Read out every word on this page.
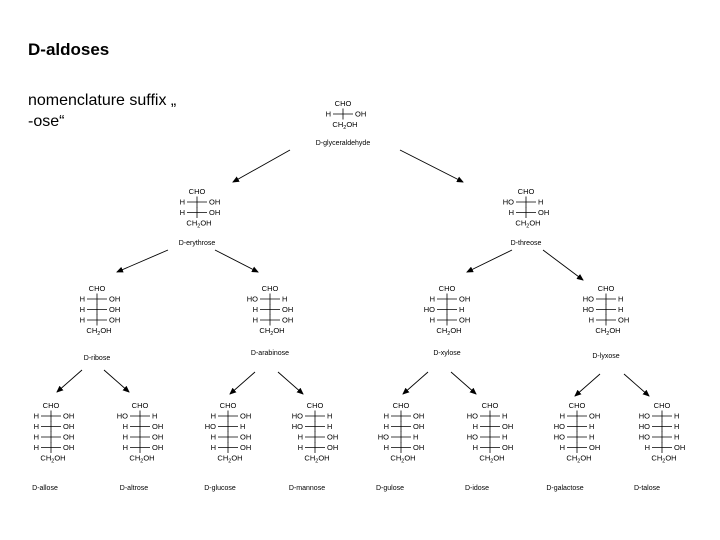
D-aldoses
nomenclature suffix „
-ose“
CHO
H	OH
$CH_2OH$
D-glyceraldehyde
CHO
H	OH
H	OH
$CH_2OH$
D-erythrose
CHO
HO	H
H	OH
$CH_2OH$
D-threose
CHO
H	OH
H	OH
H	OH
$CH_2OH$
D-ribose
CHO
HO	H
H	OH
H	OH
$CH_2OH$
D-arabinose
CHO
H	OH
HO	H
H	OH
$CH_2OH$
D-xylose
CHO
HO	H
HO	H
H	OH
$CH_2OH$
D-lyxose
CHO
H	OH
H	OH
H	OH
H	OH
$CH_2OH$
D-allose
CHO
HO	H
H	OH
H	OH
H	OH
$CH_2OH$
D-altrose
CHO
H	OH
HO	H
H	OH
H	OH
$CH_2OH$
D-glucose
CHO
HO	H
HO	H
H	OH
H	OH
$CH_2OH$
D-mannose
CHO
H	OH
H	OH
HO	H
H	OH
$CH_2OH$
D-gulose
CHO
HO	H
H	OH
HO	H
H	OH
$CH_2OH$
D-idose
CHO
H	OH
HO	H
HO	H
H	OH
$CH_2OH$
D-galactose
CHO
HO	H
HO	H
HO	H
H	OH
$CH_2OH$
D-talose
